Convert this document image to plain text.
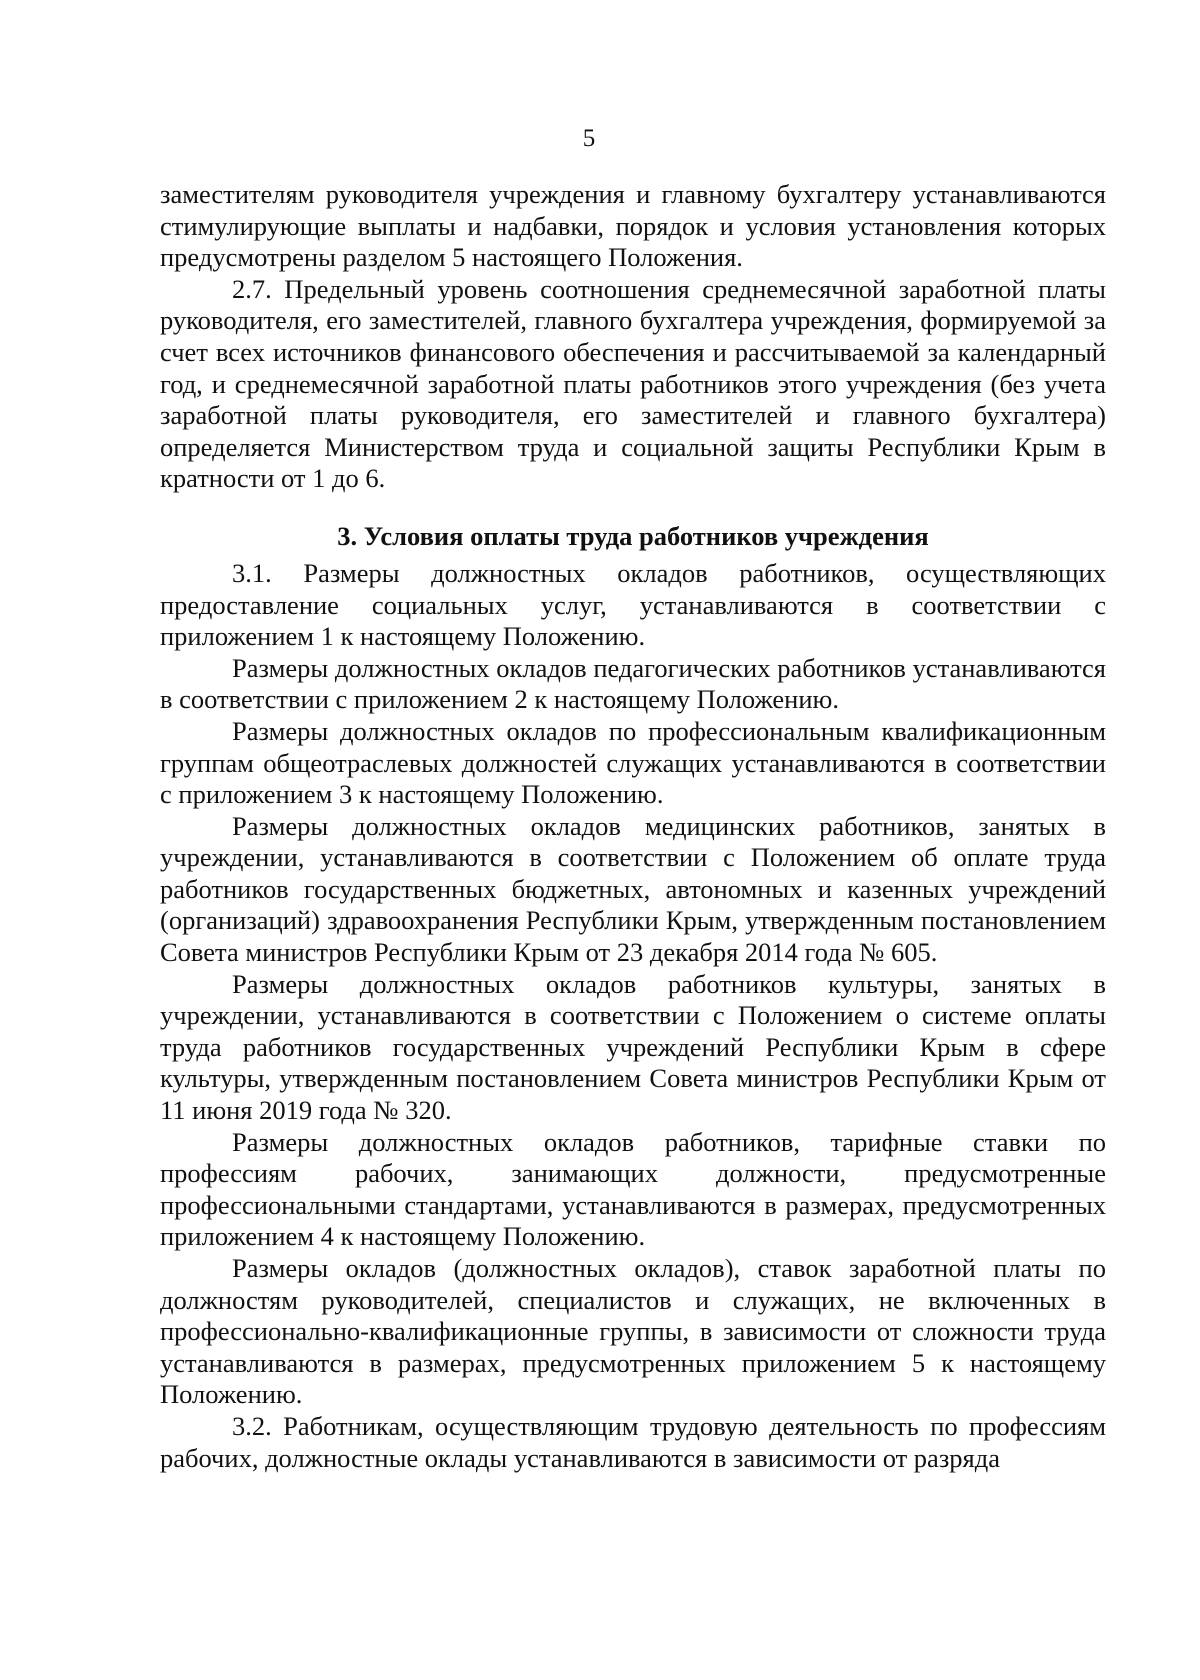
5

заместителям руководителя учреждения и главному бухгалтеру устанавливаются стимулирующие выплаты и надбавки, порядок и условия установления которых предусмотрены разделом 5 настоящего Положения.

2.7. Предельный уровень соотношения среднемесячной заработной платы руководителя, его заместителей, главного бухгалтера учреждения, формируемой за счет всех источников финансового обеспечения и рассчитываемой за календарный год, и среднемесячной заработной платы работников этого учреждения (без учета заработной платы руководителя, его заместителей и главного бухгалтера) определяется Министерством труда и социальной защиты Республики Крым в кратности от 1 до 6.

3. Условия оплаты труда работников учреждения

3.1. Размеры должностных окладов работников, осуществляющих предоставление социальных услуг, устанавливаются в соответствии с приложением 1 к настоящему Положению.

Размеры должностных окладов педагогических работников устанавливаются в соответствии с приложением 2 к настоящему Положению.

Размеры должностных окладов по профессиональным квалификационным группам общеотраслевых должностей служащих устанавливаются в соответствии с приложением 3 к настоящему Положению.

Размеры должностных окладов медицинских работников, занятых в учреждении, устанавливаются в соответствии с Положением об оплате труда работников государственных бюджетных, автономных и казенных учреждений (организаций) здравоохранения Республики Крым, утвержденным постановлением Совета министров Республики Крым от 23 декабря 2014 года № 605.

Размеры должностных окладов работников культуры, занятых в учреждении, устанавливаются в соответствии с Положением о системе оплаты труда работников государственных учреждений Республики Крым в сфере культуры, утвержденным постановлением Совета министров Республики Крым от 11 июня 2019 года № 320.

Размеры должностных окладов работников, тарифные ставки по профессиям рабочих, занимающих должности, предусмотренные профессиональными стандартами, устанавливаются в размерах, предусмотренных приложением 4 к настоящему Положению.

Размеры окладов (должностных окладов), ставок заработной платы по должностям руководителей, специалистов и служащих, не включенных в профессионально-квалификационные группы, в зависимости от сложности труда устанавливаются в размерах, предусмотренных приложением 5 к настоящему Положению.

3.2. Работникам, осуществляющим трудовую деятельность по профессиям рабочих, должностные оклады устанавливаются в зависимости от разряда
